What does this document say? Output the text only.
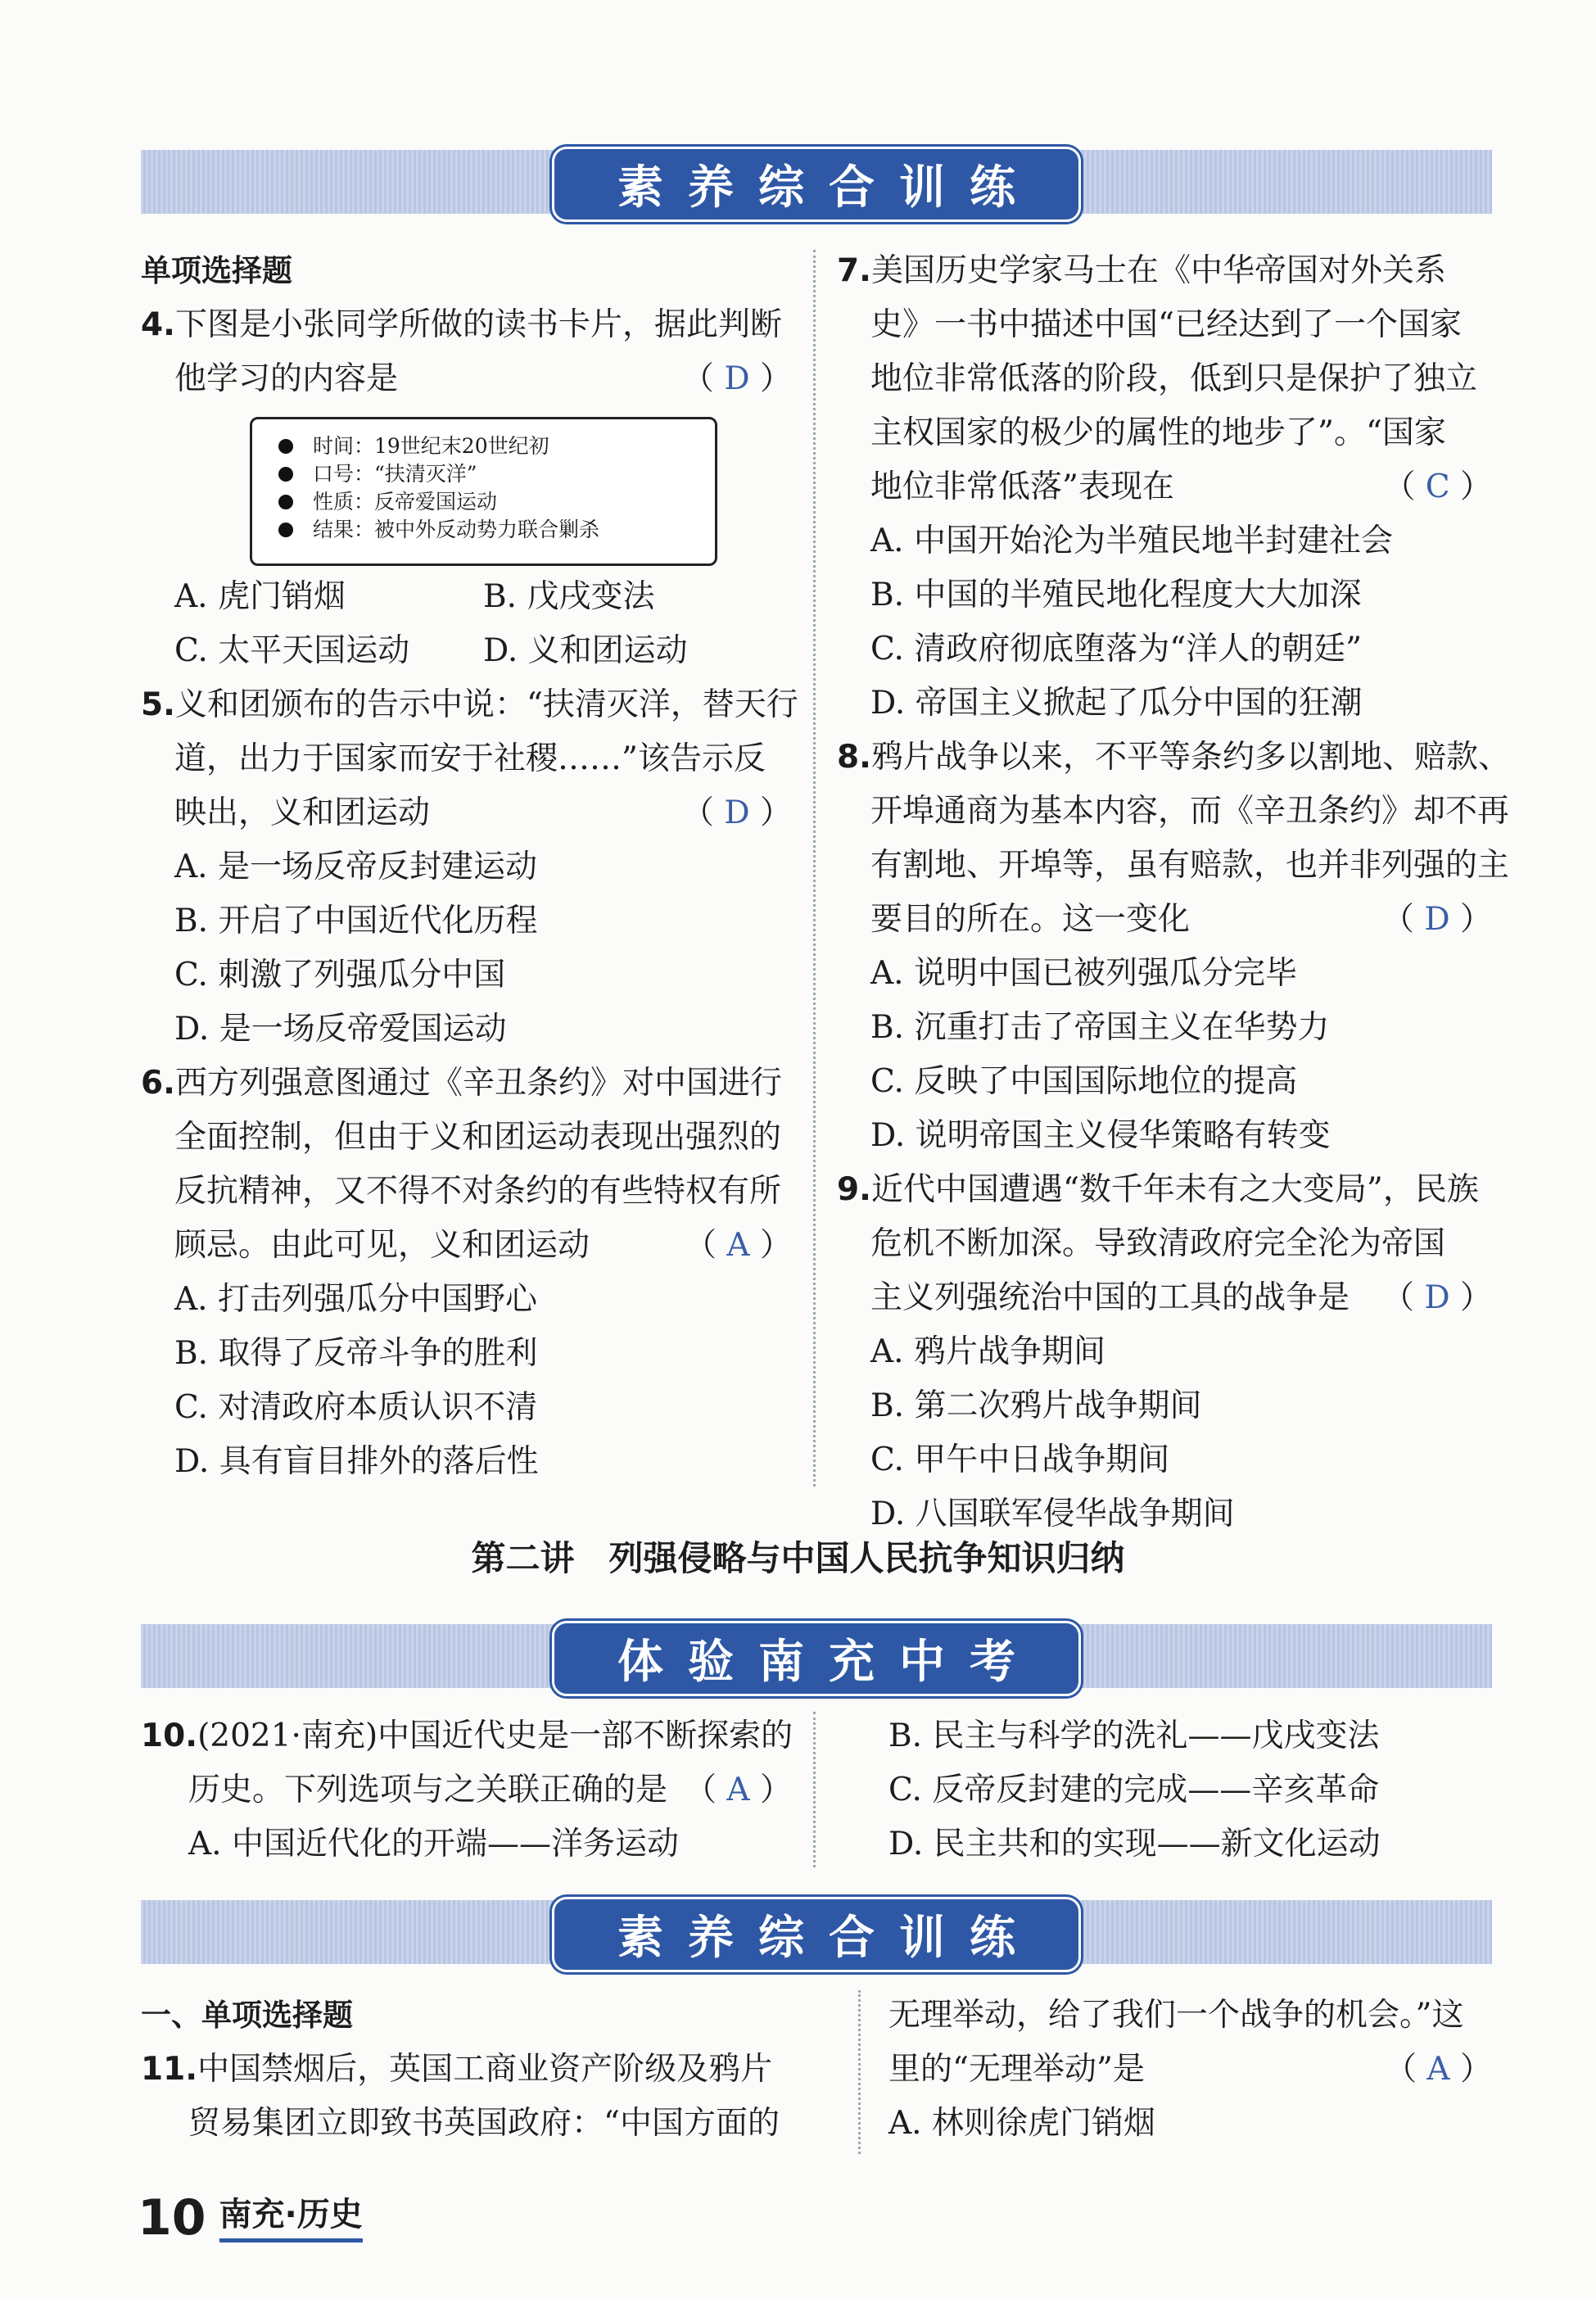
素养综合训练
单项选择题
4.下图是小张同学所做的读书卡片，据此判断
他学习的内容是	（ D ）
A. 虎门销烟	B. 戊戌变法
C. 太平天国运动	D. 义和团运动
5.义和团颁布的告示中说：“扶清灭洋，替天行
道，出力于国家而安于社稷……”该告示反
映出，义和团运动	（ D ）
A. 是一场反帝反封建运动
B. 开启了中国近代化历程
C. 刺激了列强瓜分中国
D. 是一场反帝爱国运动
6.西方列强意图通过《辛丑条约》对中国进行
全面控制，但由于义和团运动表现出强烈的
反抗精神，又不得不对条约的有些特权有所
顾忌。由此可见，义和团运动	（ A ）
A. 打击列强瓜分中国野心
B. 取得了反帝斗争的胜利
C. 对清政府本质认识不清
D. 具有盲目排外的落后性
时间：19世纪末20世纪初
口号：“扶清灭洋”
性质：反帝爱国运动
结果：被中外反动势力联合剿杀
7.美国历史学家马士在《中华帝国对外关系
史》一书中描述中国“已经达到了一个国家
地位非常低落的阶段，低到只是保护了独立
主权国家的极少的属性的地步了”。“国家
地位非常低落”表现在	（ C ）
A. 中国开始沦为半殖民地半封建社会
B. 中国的半殖民地化程度大大加深
C. 清政府彻底堕落为“洋人的朝廷”
D. 帝国主义掀起了瓜分中国的狂潮
8.鸦片战争以来，不平等条约多以割地、赔款、
开埠通商为基本内容，而《辛丑条约》却不再
有割地、开埠等，虽有赔款，也并非列强的主
要目的所在。这一变化	（ D ）
A. 说明中国已被列强瓜分完毕
B. 沉重打击了帝国主义在华势力
C. 反映了中国国际地位的提高
D. 说明帝国主义侵华策略有转变
9.近代中国遭遇“数千年未有之大变局”，民族
危机不断加深。导致清政府完全沦为帝国
主义列强统治中国的工具的战争是 （ D ）
A. 鸦片战争期间
B. 第二次鸦片战争期间
C. 甲午中日战争期间
D. 八国联军侵华战争期间
第二讲　列强侵略与中国人民抗争知识归纳
体验南充中考
10.(2021·南充)中国近代史是一部不断探索的
历史。下列选项与之关联正确的是 （ A ）
A. 中国近代化的开端——洋务运动
B. 民主与科学的洗礼——戊戌变法
C. 反帝反封建的完成——辛亥革命
D. 民主共和的实现——新文化运动
素养综合训练
一、单项选择题
11.中国禁烟后，英国工商业资产阶级及鸦片
贸易集团立即致书英国政府：“中国方面的
无理举动，给了我们一个战争的机会。”这
里的“无理举动”是	（ A ）
A. 林则徐虎门销烟
10 南充·历史
